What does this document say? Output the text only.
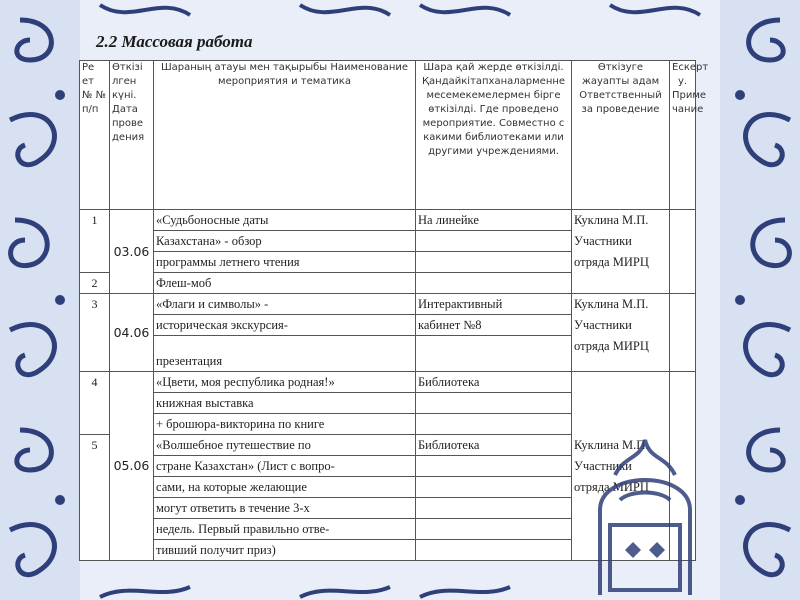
2.2 Массовая работа
Ре ет № № п/п	Өткізі лген күні. Дата прове дения	Шараның атауы мен тақырыбы Наименование мероприятия и тематика	Шара қай жерде өткізілді. Қандайкітапханаларменне месемекемелермен бірге өткізілді. Где проведено мероприятие. Совместно с какими библиотеками или другими учреждениями.	Өткізуге жауапты адам Ответственный за проведение	Ескерт у. Приме чание
1	03.06	«Судьбоносные даты	На линейке	Куклина М.П. Участники отряда МИРЦ	
		Казахстана» - обзор			
		программы летнего чтения			
2		Флеш-моб			
3	04.06	«Флаги и символы» -	Интерактивный	Куклина М.П. Участники отряда МИРЦ	
		историческая экскурсия-	кабинет №8		
		презентация			
4	05.06	«Цвети, моя республика родная!»	Библиотека	Куклина М.П. Участники отряда МИРЦ	
		книжная выставка			
		+ брошюра-викторина по книге			
5		«Волшебное путешествие по	Библиотека		
		стране Казахстан» (Лист с вопро-			
		сами, на которые желающие			
		могут ответить в течение 3-х			
		недель. Первый правильно отве-			
		тивший получит приз)			
